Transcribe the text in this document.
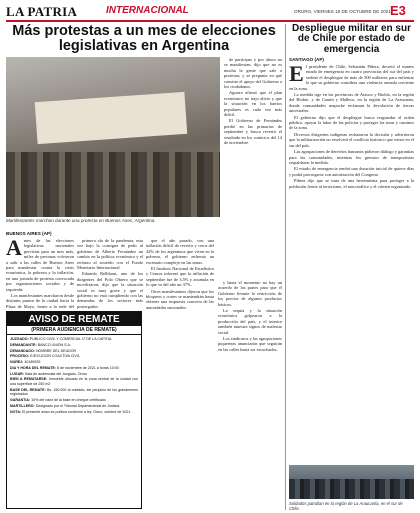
LA PATRIA	INTERNACIONAL	ORURO, VIERNES 15 DE OCTUBRE DE 2021 E3
Más protestas a un mes de elecciones legislativas en Argentina
Manifestantes marchan durante una protesta en Buenos Aires, Argentina.
BUENOS AIRES (AP)
A ntes de las elecciones legislativas nacionales previstas para un mes más, miles de personas volvieron a salir a las calles de Buenos Aires para manifestar contra la crisis económica, la pobreza y la inflación, en una jornada de protesta convocada por organizaciones sociales y de izquierda.

Los manifestantes marcharon desde distintos puntos de la ciudad hacia la Plaza de Mayo, frente a la sede del

primera ola de la pandemia, esta vez bajo la consigna de pedir al gobierno de Alberto Fernández un cambio en la política económica y el rechazo al acuerdo con el Fondo Monetario Internacional.

Eduardo Belliboni, uno de los dirigentes del Polo Obrero que se movilizaron, dijo que la situación social es muy grave y que el gobierno no está cumpliendo con las demandas de los sectores más postergados.

que el año pasado, con una inflación difícil de revertir y cerca del 42% de los argentinos que viven en la pobreza, el gobierno enfrenta un escenario complejo en las urnas.

El Instituto Nacional de Estadística y Censos informó que la inflación de septiembre fue de 3,5% y acumula en lo que va del año un 37%.

Otros manifestantes dijeron que los bloqueos y cortes se mantendrán hasta obtener una respuesta concreta de las autoridades nacionales.

de participar y por ahora no se manifiestan, dijo que no es mucha la gente que sale a protestar, y se pregunta en qué consiste el apoyo del Gobierno a los ciudadanos.

Aguirre afirmó que el plan económico no trajo alivio y que la situación en los barrios populares es cada vez más difícil.

El Gobierno de Fernández perdió en las primarias de septiembre y busca revertir el resultado en los comicios del 14 de noviembre.

y hasta el momento no hay un acuerdo de las partes para que el Gobierno levante la restricción de los precios de algunos productos básicos.

La sequía y la situación económica golpearon a la producción del país, y el interior también muestra signos de malestar social.

Los sindicatos y las agrupaciones piqueteras anunciaron que seguirán en las calles hasta ser escuchados.

AVISO DE REMATE
(PRIMERA AUDIENCIA DE REMATE)

JUZGADO: PUBLICO CIVIL Y COMERCIAL 1º DE LA CAPITAL

DEMANDANTE: BANCO UNION S.A.

DEMANDADO: NOMBRE DEL DEUDOR

PROCESO: EJECUCION COACTIVA CIVIL

NUREJ: 40189925

DIA Y HORA DEL REMATE: 8 de noviembre de 2021 a horas 10:00

LUGAR: Sala de audiencias del Juzgado, Oruro

BIEN A REMATARSE: Inmueble ubicado en la zona central de la ciudad con una superficie de 250 m2

BASE DEL REMATE: Bs. 150.000 al contado, sin perjuicio de los gravámenes registrados

GARANTIA: 10% del valor de la base en cheque certificado

MARTILLERO: Designado por el Tribunal Departamental de Justicia

NOTA: El presente aviso se publica conforme a ley. Oruro, octubre de 2021.

Despliegue militar en sur de Chile por estado de emergencia
SANTIAGO (AP)
E l presidente de Chile, Sebastián Piñera, decretó el martes estado de emergencia en cuatro provincias del sur del país y ordenó el despliegue de más de 500 militares para enfrentar lo que su gobierno considera una violencia armada creciente en la zona.

La medida rige en las provincias de Arauco y Biobío, en la región del Biobío, y de Cautín y Malleco, en la región de La Araucanía, donde comunidades mapuche reclaman la devolución de tierras ancestrales.

El gobierno dijo que el despliegue busca resguardar el orden público, apoyar la labor de las policías y proteger las rutas y caminos de la zona.

Diversos dirigentes indígenas rechazaron la decisión y advirtieron que la militarización no resolverá el conflicto histórico que existe en el sur del país.

Las agrupaciones de derechos humanos pidieron diálogo y garantías para las comunidades, mientras los gremios de transportistas respaldaron la medida.

El estado de emergencia tendrá una duración inicial de quince días y podrá prorrogarse con autorización del Congreso.

Piñera dijo que se trata de una herramienta para proteger a la población frente al terrorismo, el narcotráfico y el crimen organizado.

Soldados patrullan en la región de La Araucanía, en el sur de Chile.
